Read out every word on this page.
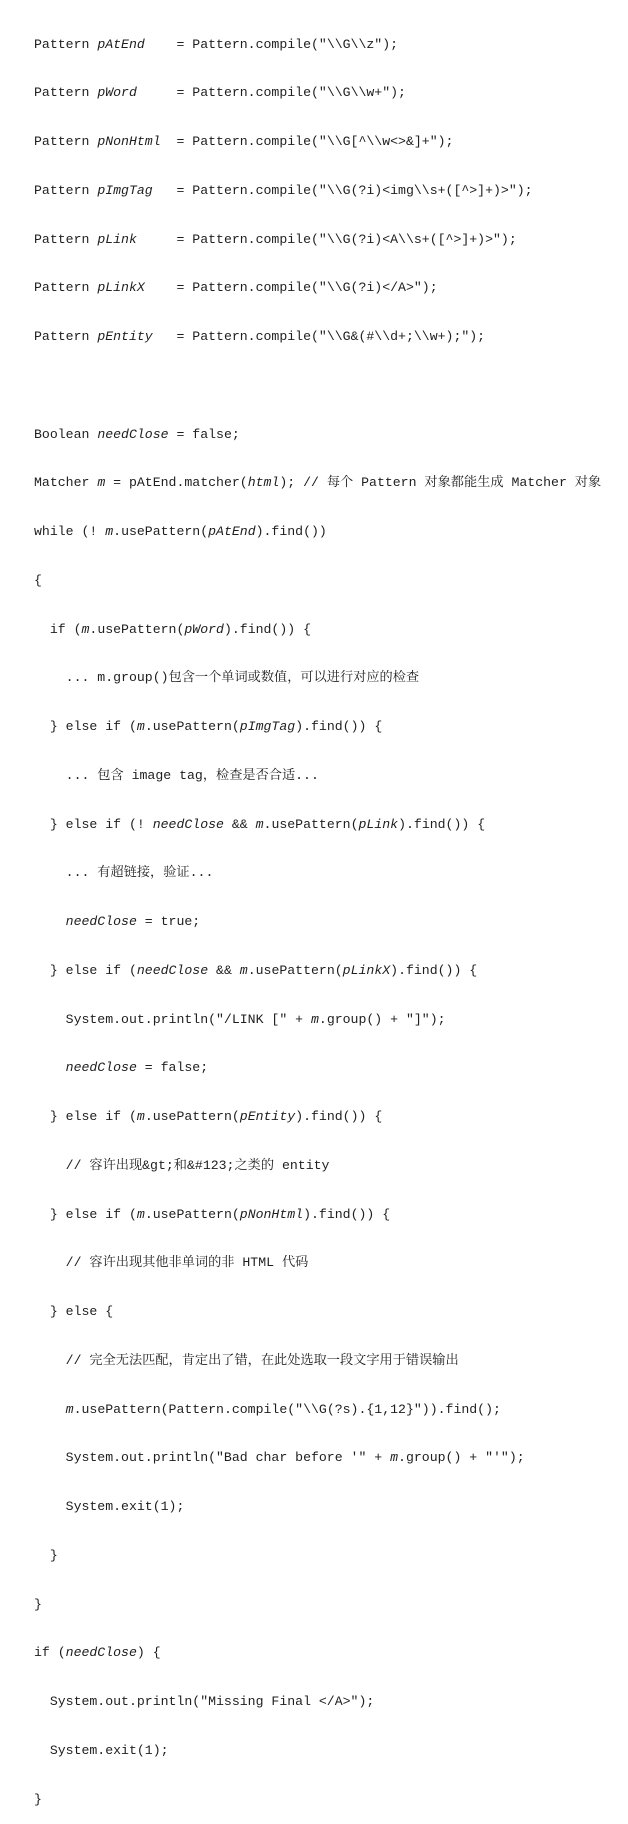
Pattern pAtEnd    = Pattern.compile("\\G\\z");

Pattern pWord     = Pattern.compile("\\G\\w+");

Pattern pNonHtml  = Pattern.compile("\\G[^\\w<>&]+");

Pattern pImgTag   = Pattern.compile("\\G(?i)<img\\s+([^>]+)>");

Pattern pLink     = Pattern.compile("\\G(?i)<A\\s+([^>]+)>");

Pattern pLinkX    = Pattern.compile("\\G(?i)</A>");

Pattern pEntity   = Pattern.compile("\\G&(#\\d+;\\w+);");

Boolean needClose = false;

Matcher m = pAtEnd.matcher(html); // 每个 Pattern 对象都能生成 Matcher 对象

while (! m.usePattern(pAtEnd).find())

{

if (m.usePattern(pWord).find()) {

... m.group()包含一个单词或数值，可以进行对应的检查

} else if (m.usePattern(pImgTag).find()) {

... 包含 image tag，检查是否合适...

} else if (! needClose && m.usePattern(pLink).find()) {

... 有超链接，验证...

needClose = true;

} else if (needClose && m.usePattern(pLinkX).find()) {

System.out.println("/LINK [" + m.group() + "]");

needClose = false;

} else if (m.usePattern(pEntity).find()) {

// 容许出现&gt;和&#123;之类的 entity

} else if (m.usePattern(pNonHtml).find()) {

// 容许出现其他非单词的非 HTML 代码

} else {

// 完全无法匹配，肯定出了错，在此处选取一段文字用于错误输出

m.usePattern(Pattern.compile("\\G(?s).{1,12}")).find();

System.out.println("Bad char before '" + m.group() + "'");

System.exit(1);

}

}

if (needClose) {

System.out.println("Missing Final </A>");

System.exit(1);

}
